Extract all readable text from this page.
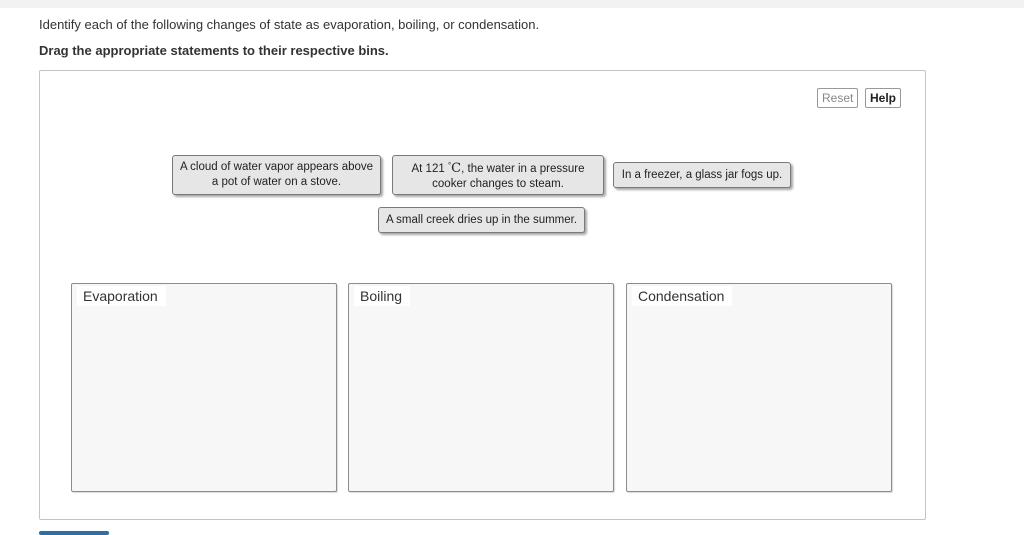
Identify each of the following changes of state as evaporation, boiling, or condensation.
Drag the appropriate statements to their respective bins.
Reset	Help
A cloud of water vapor appears above a pot of water on a stove.
At 121 °C, the water in a pressure cooker changes to steam.
In a freezer, a glass jar fogs up.
A small creek dries up in the summer.
Evaporation	Boiling	Condensation
